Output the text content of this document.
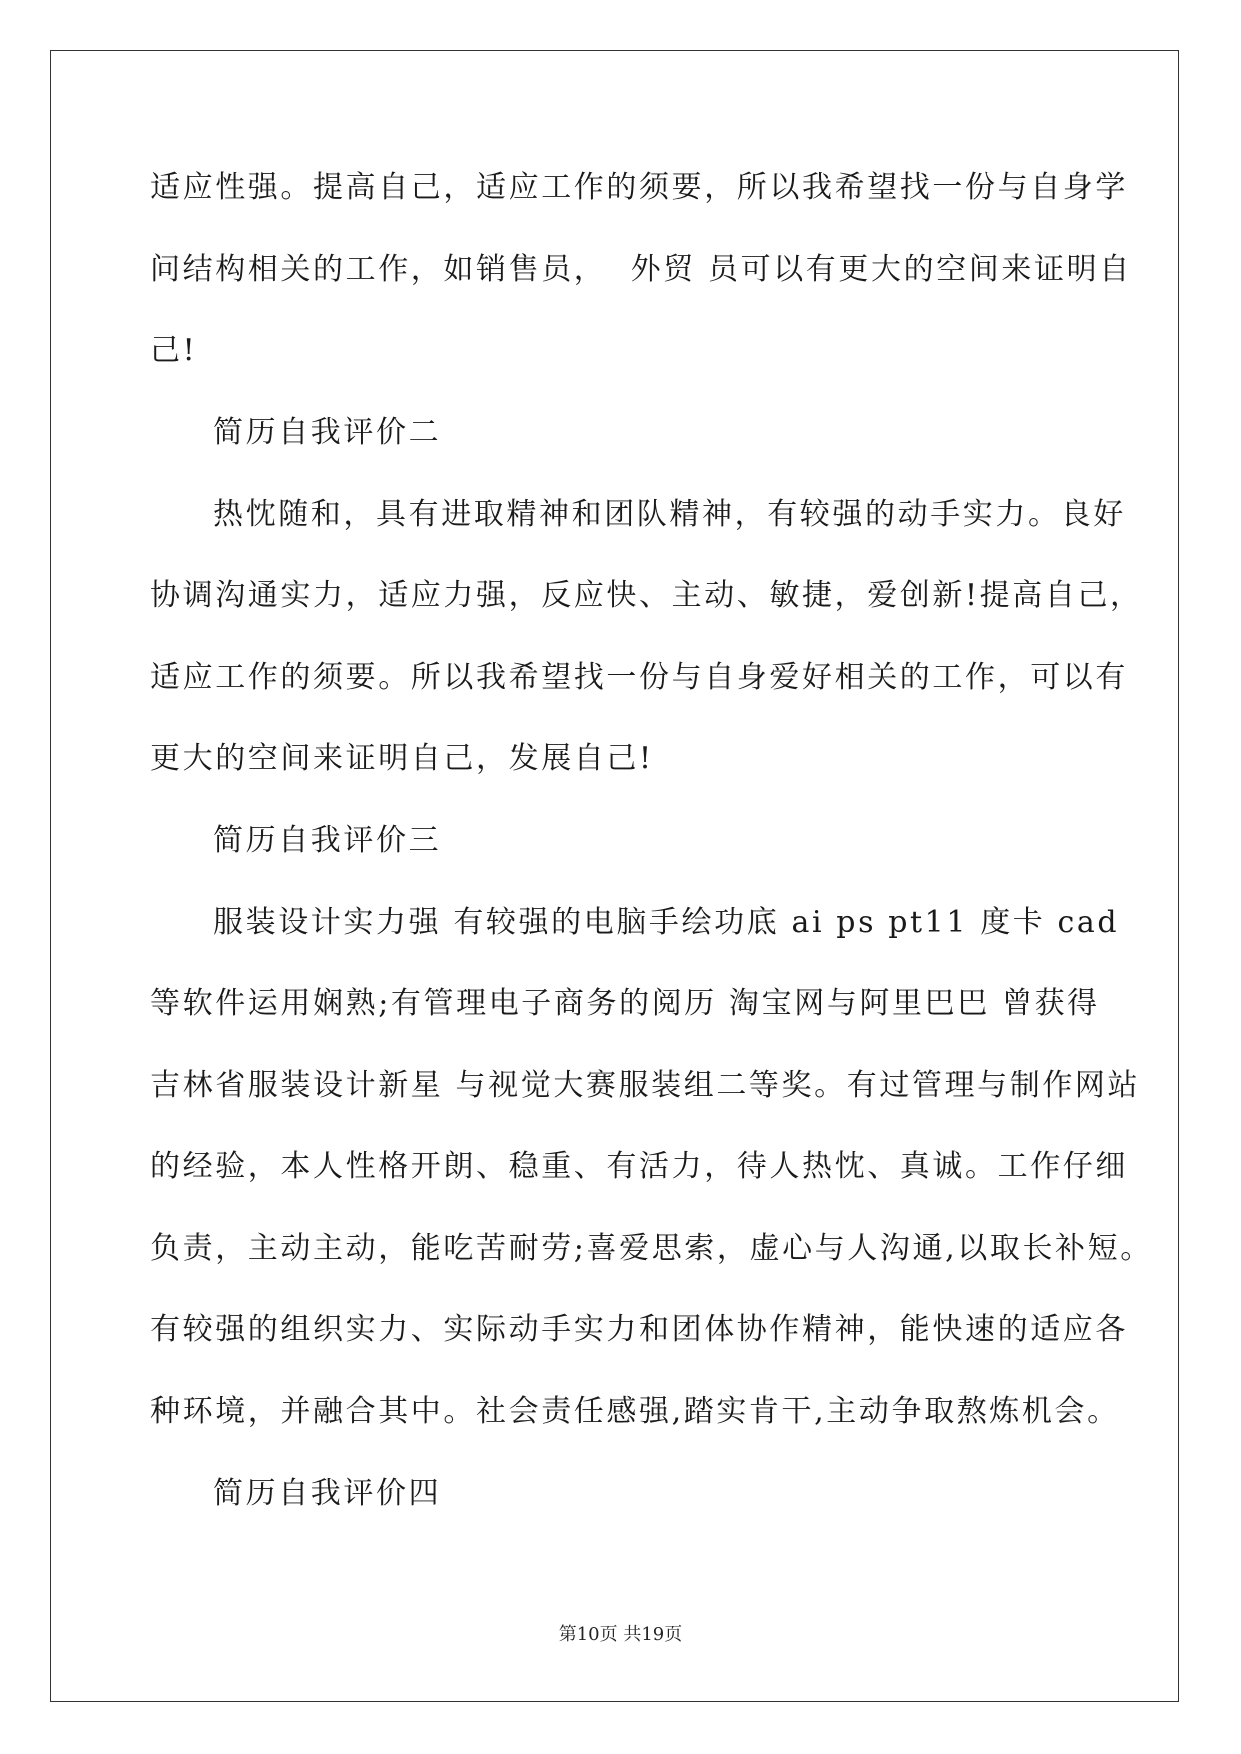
适应性强。提高自己，适应工作的须要，所以我希望找一份与自身学
问结构相关的工作，如销售员，  外贸 员可以有更大的空间来证明自
己!
简历自我评价二
热忱随和，具有进取精神和团队精神，有较强的动手实力。良好
协调沟通实力，适应力强，反应快、主动、敏捷，爱创新!提高自己，
适应工作的须要。所以我希望找一份与自身爱好相关的工作，可以有
更大的空间来证明自己，发展自己!
简历自我评价三
服装设计实力强 有较强的电脑手绘功底 ai ps pt11 度卡 cad
等软件运用娴熟;有管理电子商务的阅历 淘宝网与阿里巴巴 曾获得
吉林省服装设计新星 与视觉大赛服装组二等奖。有过管理与制作网站
的经验，本人性格开朗、稳重、有活力，待人热忱、真诚。工作仔细
负责，主动主动，能吃苦耐劳;喜爱思索，虚心与人沟通,以取长补短。
有较强的组织实力、实际动手实力和团体协作精神，能快速的适应各
种环境，并融合其中。社会责任感强,踏实肯干,主动争取熬炼机会。
简历自我评价四
第10页 共19页
